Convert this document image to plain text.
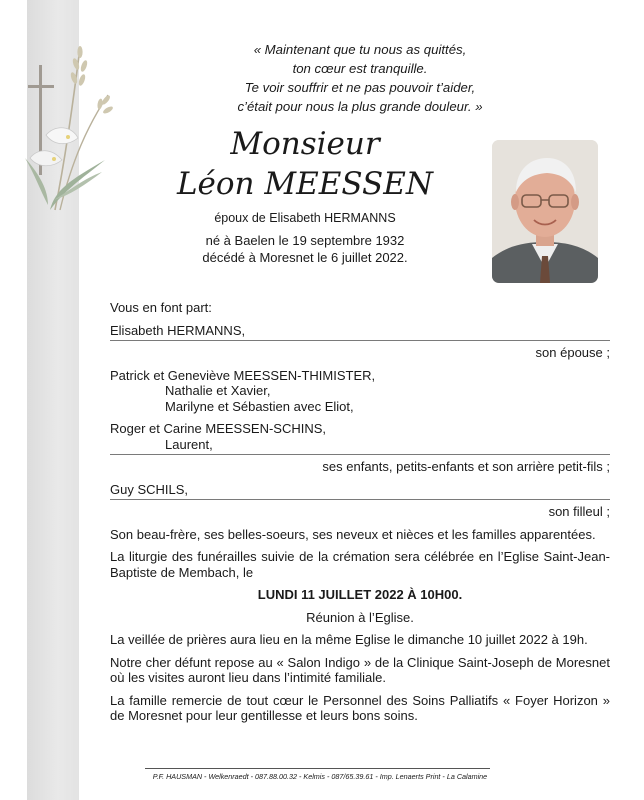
« Maintenant que tu nous as quittés,
ton cœur est tranquille.
Te voir souffrir et ne pas pouvoir t’aider,
c’était pour nous la plus grande douleur. »
Monsieur
Léon MEESSEN
époux de Elisabeth HERMANNS
né à Baelen le 19 septembre 1932
décédé à Moresnet le 6 juillet 2022.

Vous en font part:

Elisabeth HERMANNS,

son épouse ;

Patrick et Geneviève MEESSEN-THIMISTER,

Nathalie et Xavier,

Marilyne et Sébastien avec Eliot,

Roger et Carine MEESSEN-SCHINS,

Laurent,

ses enfants, petits-enfants et son arrière petit-fils ;

Guy SCHILS,

son filleul ;

Son beau-frère, ses belles-soeurs, ses neveux et nièces et les familles apparentées.

La liturgie des funérailles suivie de la crémation sera célébrée en l’Eglise Saint-Jean-Baptiste de Membach, le

LUNDI 11 JUILLET 2022 À 10H00.

Réunion à l’Eglise.

La veillée de prières aura lieu en la même Eglise le dimanche 10 juillet 2022 à 19h.

Notre cher défunt repose au « Salon Indigo » de la Clinique Saint-Joseph de Moresnet où les visites auront lieu dans l’intimité familiale.

La famille remercie de tout cœur le Personnel des Soins Palliatifs « Foyer Horizon » de Moresnet pour leur gentillesse et leurs bons soins.

P.F. HAUSMAN - Welkenraedt - 087.88.00.32 - Kelmis - 087/65.39.61 - Imp. Lenaerts Print - La Calamine
